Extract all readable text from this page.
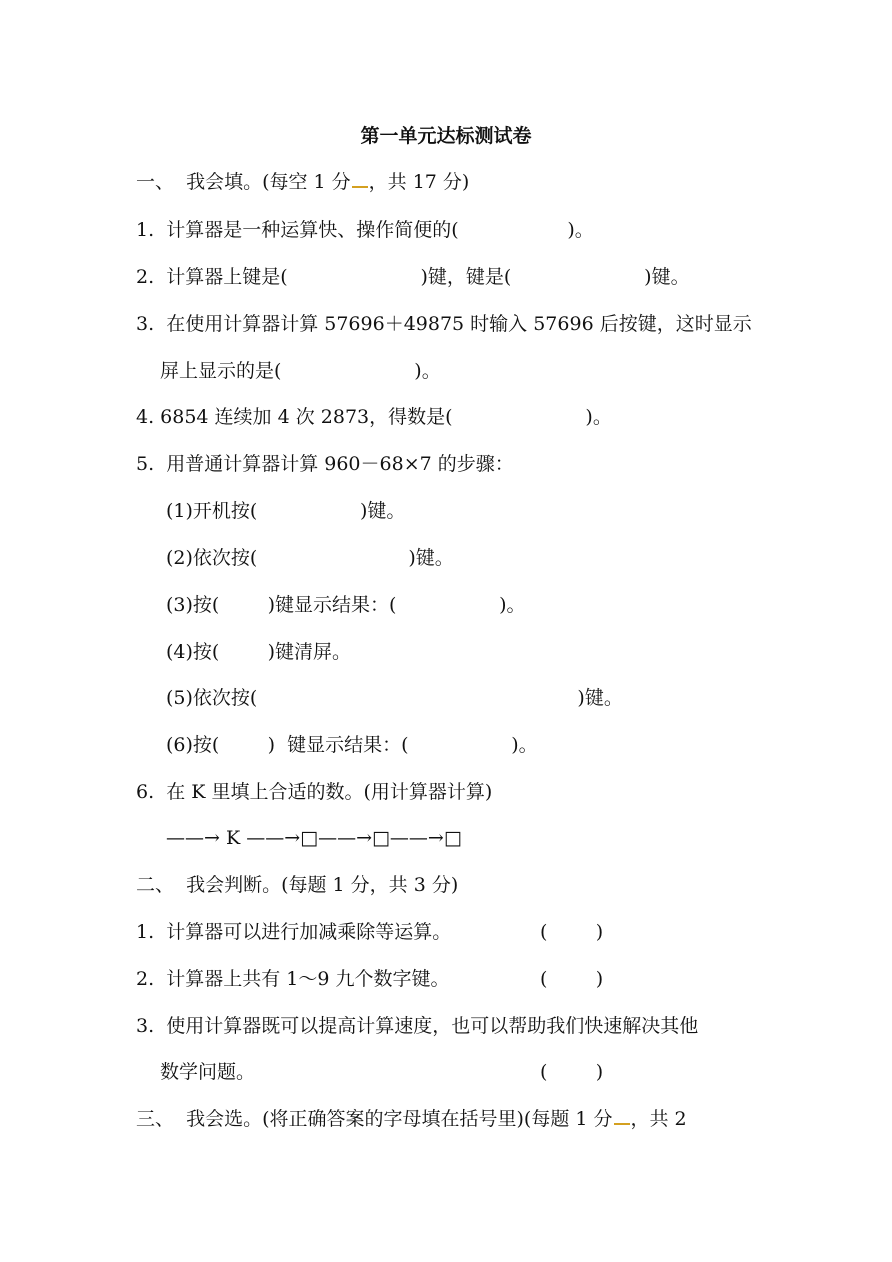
第一单元达标测试卷
一、  我会填。(每空 1 分 ，共 17 分)
1.  计算器是一种运算快、操作简便的(                  )。
2.  计算器上键是(                      )键，键是(                      )键。
3.  在使用计算器计算 57696＋49875 时输入 57696 后按键，这时显示
屏上显示的是(                      )。
4. 6854 连续加 4 次 2873，得数是(                      )。
5.  用普通计算器计算 960－68×7 的步骤：
(1)开机按(                 )键。
(2)依次按(                         )键。
(3)按(        )键显示结果：(                 )。
(4)按(        )键清屏。
(5)依次按(                                                     )键。
(6)按(        )  键显示结果：(                 )。
6.  在 K 里填上合适的数。(用计算器计算)
——→ K ——→□——→□——→□
二、  我会判断。(每题 1 分，共 3 分)
1.  计算器可以进行加减乘除等运算。	(        )
2.  计算器上共有 1～9 九个数字键。	(        )
3.  使用计算器既可以提高计算速度，也可以帮助我们快速解决其他
数学问题。	(        )
三、  我会选。(将正确答案的字母填在括号里)(每题 1 分 ，共 2
